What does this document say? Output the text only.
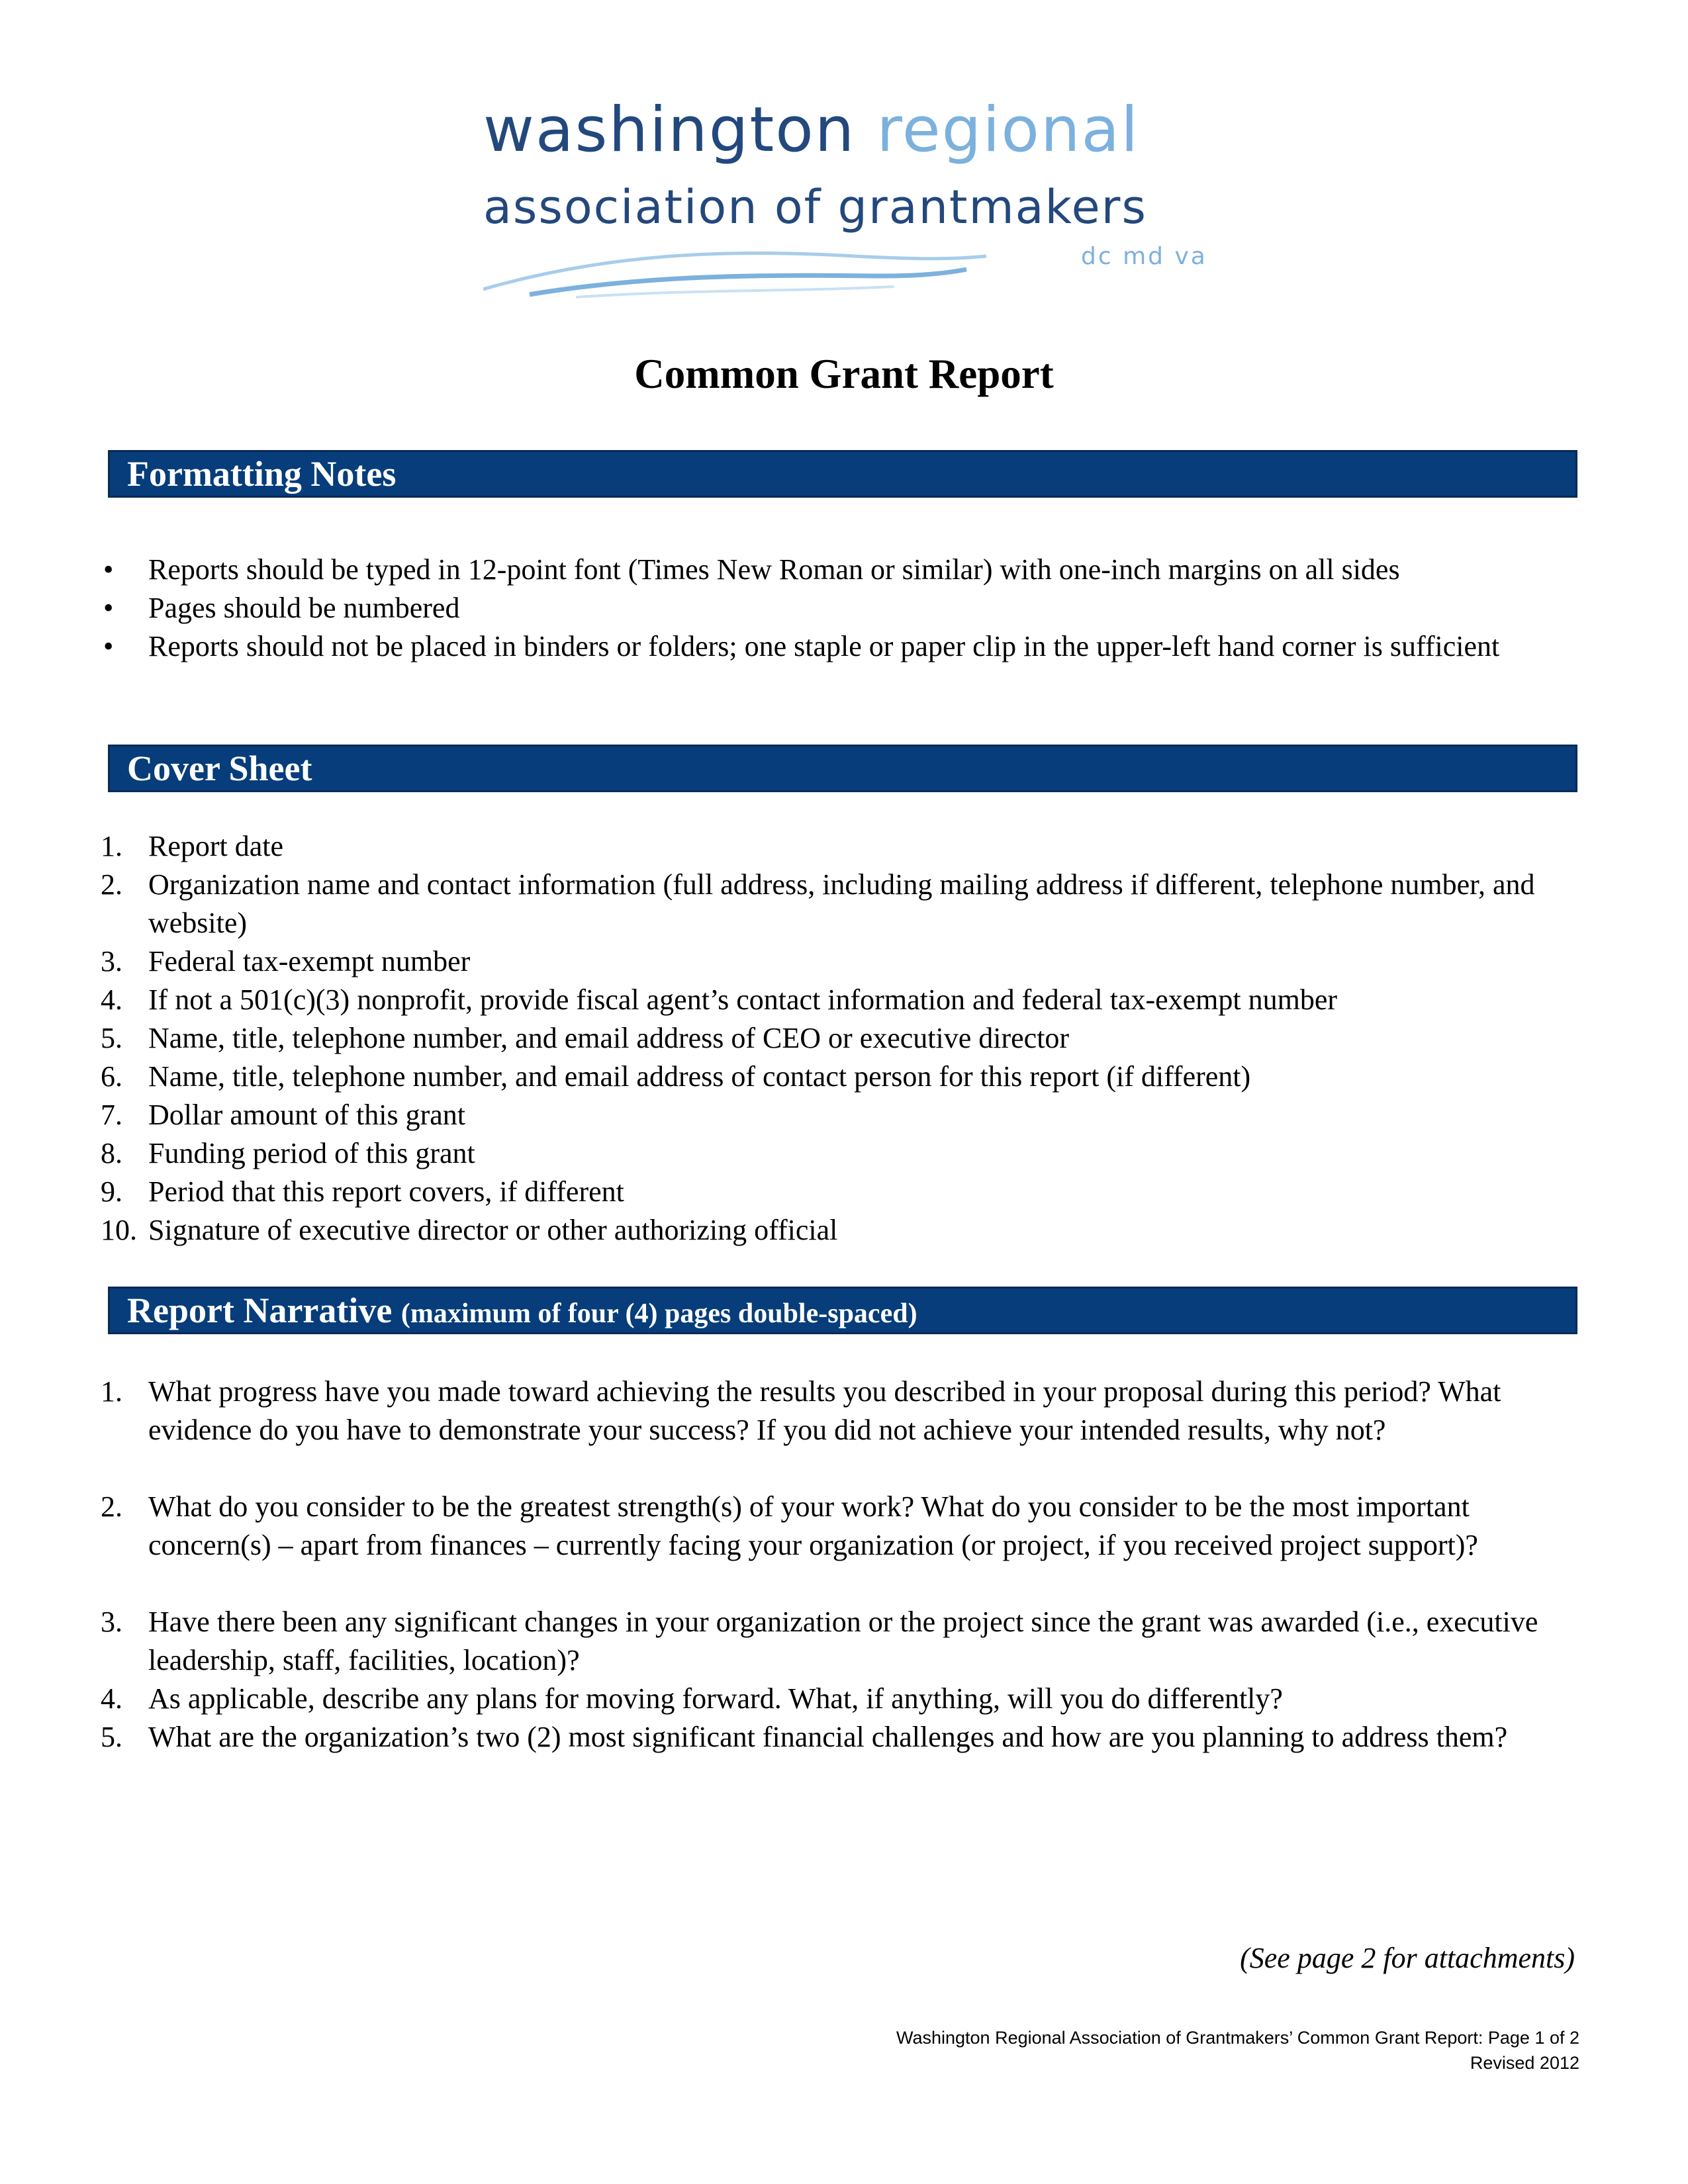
washington regional
association of grantmakers
dc md va
Common Grant Report
Formatting Notes
•	Reports should be typed in 12-point font (Times New Roman or similar) with one-inch margins on all sides
•	Pages should be numbered
•	Reports should not be placed in binders or folders; one staple or paper clip in the upper-left hand corner is sufficient
Cover Sheet
1. Report date
2. Organization name and contact information (full address, including mailing address if different, telephone number, and website)
3. Federal tax-exempt number
4. If not a 501(c)(3) nonprofit, provide fiscal agent’s contact information and federal tax-exempt number
5. Name, title, telephone number, and email address of CEO or executive director
6. Name, title, telephone number, and email address of contact person for this report (if different)
7. Dollar amount of this grant
8. Funding period of this grant
9. Period that this report covers, if different
10. Signature of executive director or other authorizing official
Report Narrative (maximum of four (4) pages double-spaced)
1. What progress have you made toward achieving the results you described in your proposal during this period? What evidence do you have to demonstrate your success? If you did not achieve your intended results, why not?
2. What do you consider to be the greatest strength(s) of your work? What do you consider to be the most important concern(s) – apart from finances – currently facing your organization (or project, if you received project support)?
3. Have there been any significant changes in your organization or the project since the grant was awarded (i.e., executive leadership, staff, facilities, location)?
4. As applicable, describe any plans for moving forward. What, if anything, will you do differently?
5. What are the organization’s two (2) most significant financial challenges and how are you planning to address them?
(See page 2 for attachments)
Washington Regional Association of Grantmakers’ Common Grant Report: Page 1 of 2
Revised 2012
